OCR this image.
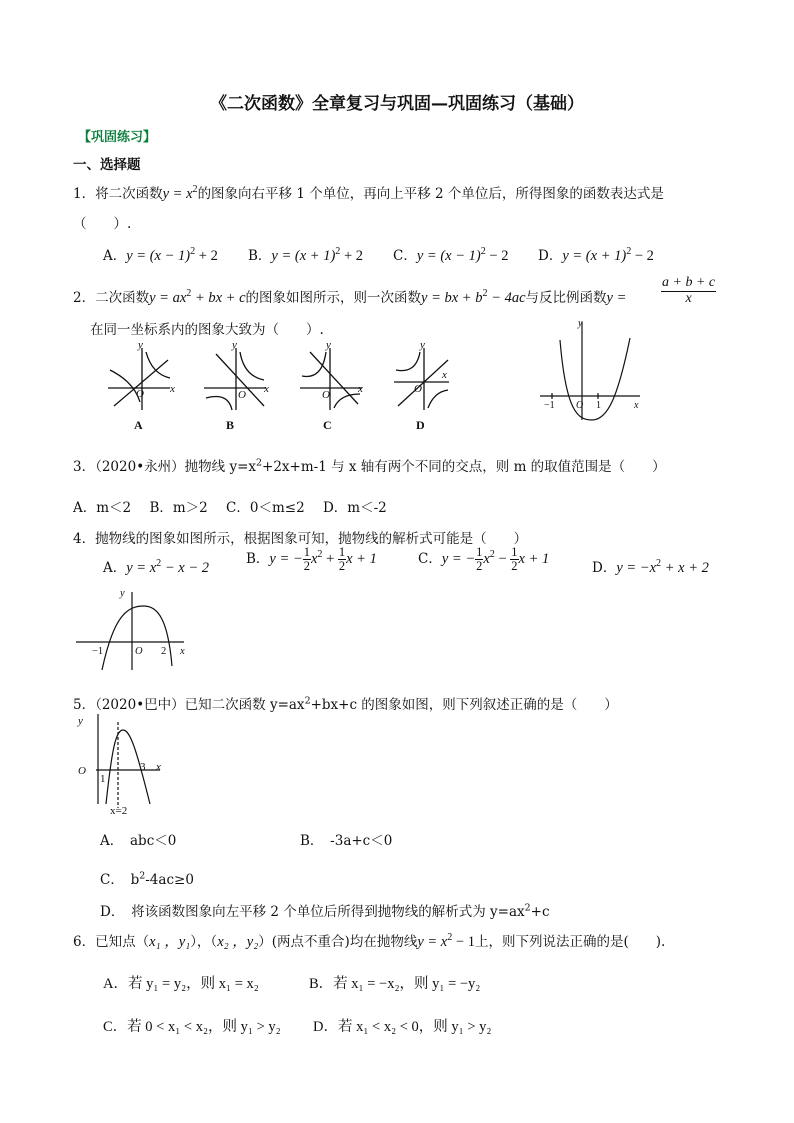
《二次函数》全章复习与巩固—巩固练习（基础）
【巩固练习】
一、选择题
1．将二次函数$y = x^2$的图象向右平移 1 个单位，再向上平移 2 个单位后，所得图象的函数表达式是
（　　）.
A．$y = (x - 1)^2 + 2$ B．$y = (x + 1)^2 + 2$ C．$y = (x - 1)^2 - 2$ D．$y = (x + 1)^2 - 2$
2．二次函数$y = ax^2$ + bx + c的图象如图所示，则一次函数y = bx + $b^2 - 4ac$与反比例函数$y = \frac{a + b + c}{x}$
在同一坐标系内的图象大致为（　　）.
y
x
O
y
x
O
y
x
O
y
x
O
A	B	C	D
y
x
O
−1	1
3．（2020•永州）抛物线 $y=x^2+2x+m-1$ 与 x 轴有两个不同的交点，则 m 的取值范围是（　　）
A．m＜2 B．m＞2 C．0＜m≤2 D．m＜-2
4．抛物线的图象如图所示，根据图象可知，抛物线的解析式可能是（　　）
A．$y = x^2 - x - 2$
B．y = − $\frac{1}{2} x^2 + \frac{1}{2}$ x + 1	C．y = − $\frac{1}{2} x^2 - \frac{1}{2}$ x + 1
D．$y = -x^2 + x + 2$
y
x
O
−1	2
5．（2020•巴中）已知二次函数 $y=ax^2+bx+c$ 的图象如图，则下列叙述正确的是（　　）
y
O	x
1
3
x=2
A．　abc＜0	B．　-3a+c＜0
C．　$b^2-4ac\ge 0$
D．　将该函数图象向左平移 2 个单位后所得到抛物线的解析式为 $y=ax^2+c$
6．已知点（x₁ ，y₁），（x₂ ，y₂）(两点不重合)均在抛物线$y = x^2 - 1$上，则下列说法正确的是(　　).
A．若 y₁ = y₂，则 x₁ = x₂	B．若 x₁ = −x₂，则 y₁ = −y₂
C．若 0 < x₁ < x₂，则 y₁ > y₂ D．若 x₁ < x₂ < 0，则 y₁ > y₂
